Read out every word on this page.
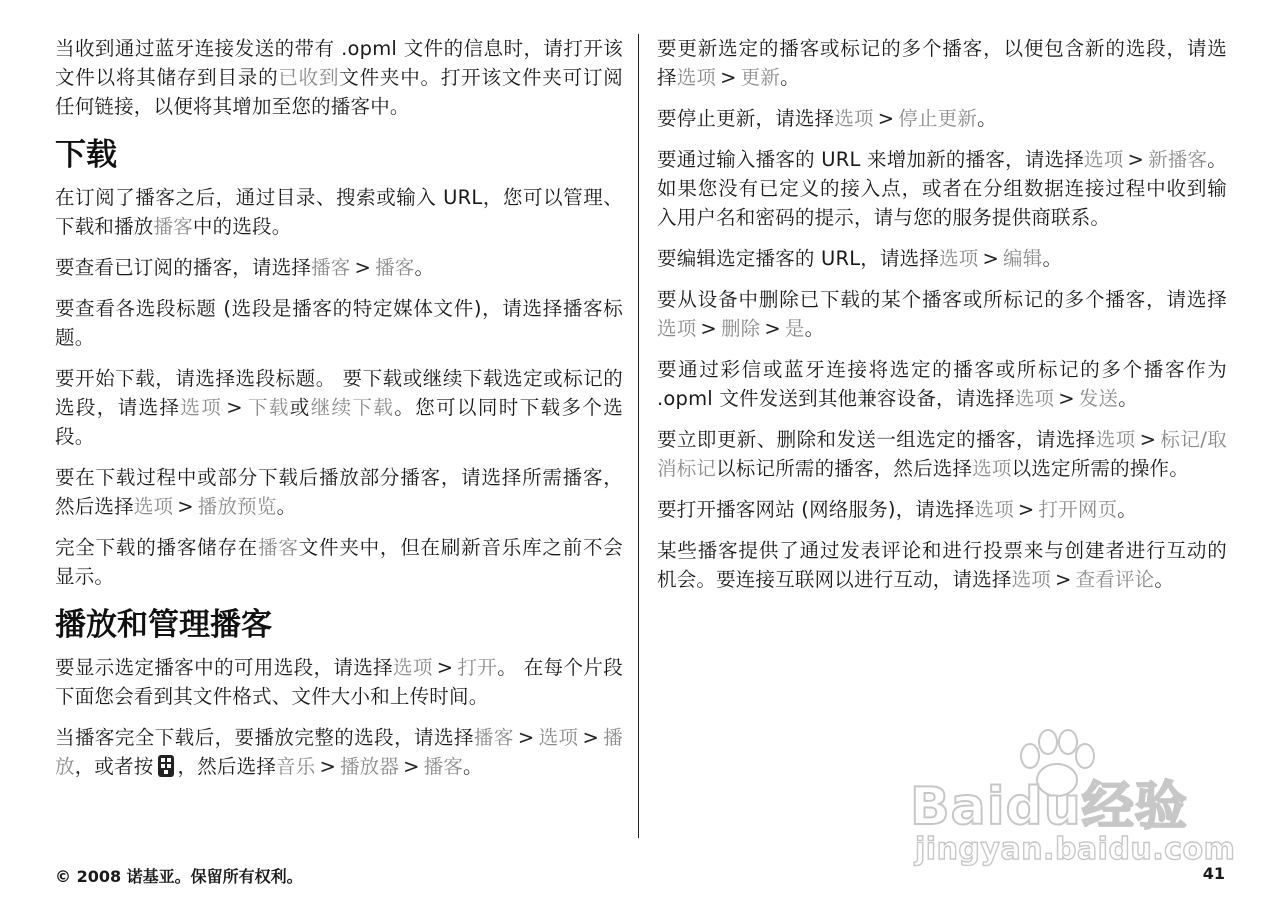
当收到通过蓝牙连接发送的带有 .opml 文件的信息时，请打开该文件以将其储存到目录的已收到文件夹中。打开该文件夹可订阅任何链接，以便将其增加至您的播客中。

下载

在订阅了播客之后，通过目录、搜索或输入 URL，您可以管理、下载和播放播客中的选段。

要查看已订阅的播客，请选择播客 > 播客。

要查看各选段标题 (选段是播客的特定媒体文件)，请选择播客标题。

要开始下载，请选择选段标题。 要下载或继续下载选定或标记的选段，请选择选项 > 下载或继续下载。您可以同时下载多个选段。

要在下载过程中或部分下载后播放部分播客，请选择所需播客，然后选择选项 > 播放预览。

完全下载的播客储存在播客文件夹中，但在刷新音乐库之前不会显示。

播放和管理播客

要显示选定播客中的可用选段，请选择选项 > 打开。 在每个片段下面您会看到其文件格式、文件大小和上传时间。

当播客完全下载后，要播放完整的选段，请选择播客 > 选项 > 播放，或者按 ，然后选择音乐 > 播放器 > 播客。

要更新选定的播客或标记的多个播客，以便包含新的选段，请选择选项 > 更新。

要停止更新，请选择选项 > 停止更新。

要通过输入播客的 URL 来增加新的播客，请选择选项 > 新播客。 如果您没有已定义的接入点，或者在分组数据连接过程中收到输入用户名和密码的提示，请与您的服务提供商联系。

要编辑选定播客的 URL，请选择选项 > 编辑。

要从设备中删除已下载的某个播客或所标记的多个播客，请选择选项 > 删除 > 是。

要通过彩信或蓝牙连接将选定的播客或所标记的多个播客作为 .opml 文件发送到其他兼容设备，请选择选项 > 发送。

要立即更新、删除和发送一组选定的播客，请选择选项 > 标记/取消标记以标记所需的播客，然后选择选项以选定所需的操作。

要打开播客网站 (网络服务)，请选择选项 > 打开网页。

某些播客提供了通过发表评论和进行投票来与创建者进行互动的机会。要连接互联网以进行互动，请选择选项 > 查看评论。

Baidu经验
jingyan.baidu.com
© 2008 诺基亚。保留所有权利。	41
